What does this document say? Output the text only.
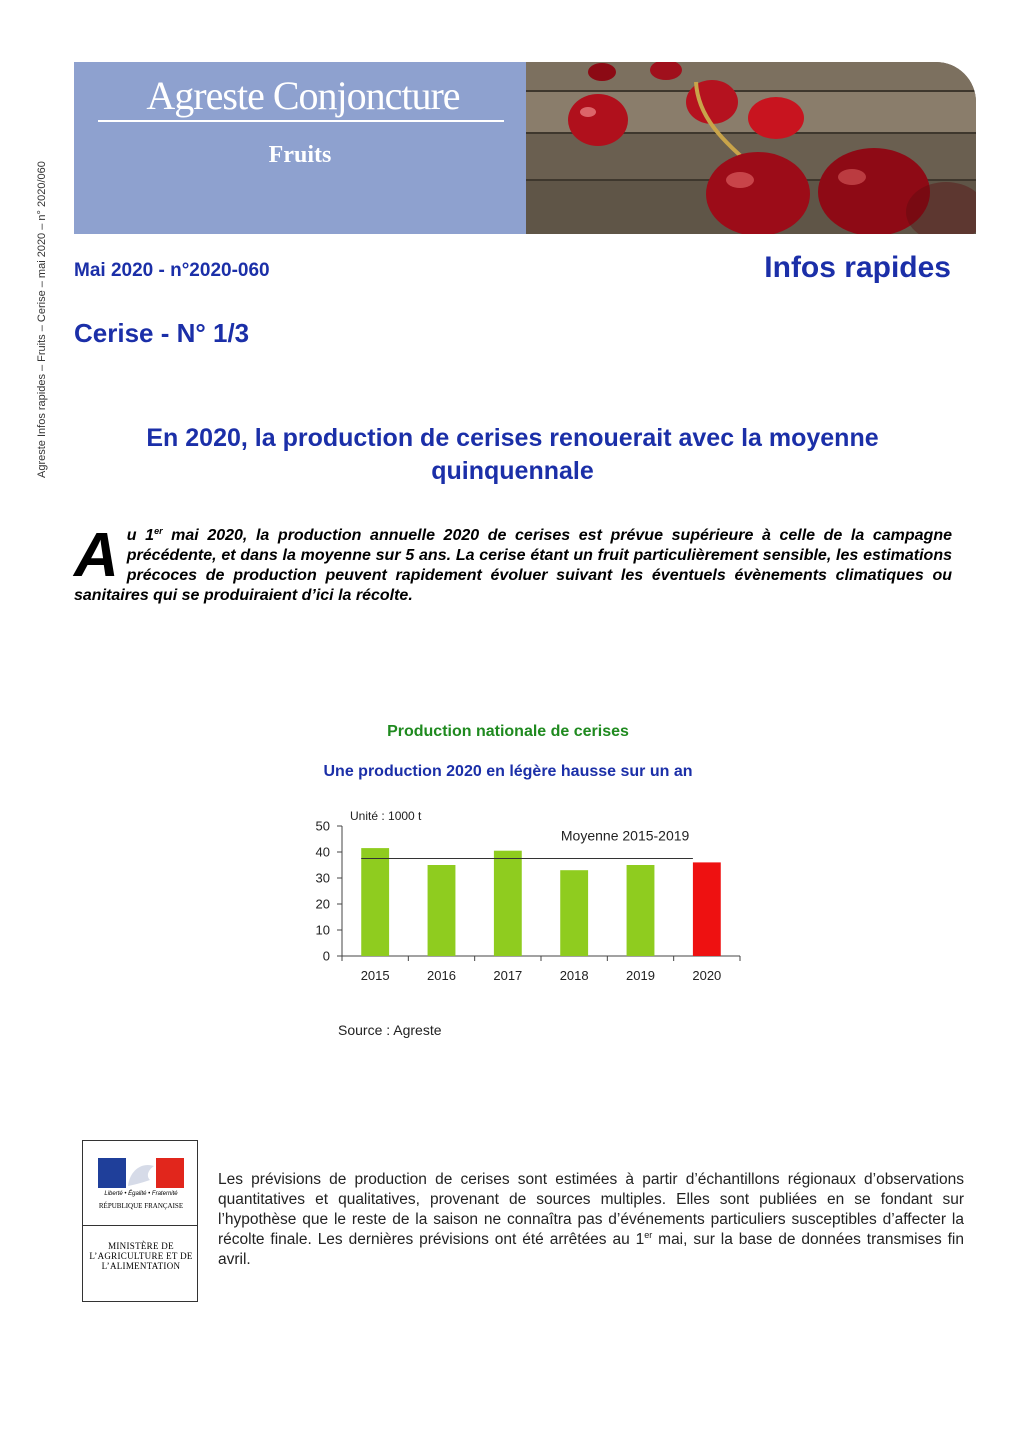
Agreste Infos rapides – Fruits – Cerise – mai 2020 – n° 2020/060
Agreste Conjoncture
Fruits
Mai 2020 - n°2020-060	Infos rapides
Cerise - N° 1/3
En 2020, la production de cerises renouerait avec la moyenne quinquennale
Au 1er mai 2020, la production annuelle 2020 de cerises est prévue supérieure à celle de la campagne précédente, et dans la moyenne sur 5 ans. La cerise étant un fruit particulièrement sensible, les estimations précoces de production peuvent rapidement évoluer suivant les éventuels évènements climatiques ou sanitaires qui se produiraient d’ici la récolte.
Production nationale de cerises
Une production 2020 en légère hausse sur un an
0
10
20
30
40
50
2015	2016	2017	2018	2019	2020
Moyenne 2015-2019
Unité : 1000 t
Source : Agreste
Liberté • Égalité • Fraternité
RÉPUBLIQUE FRANÇAISE
MINISTÈRE DE L’AGRICULTURE ET DE L’ALIMENTATION
Les prévisions de production de cerises sont estimées à partir d’échantillons régionaux d’observations quantitatives et qualitatives, provenant de sources multiples. Elles sont publiées en se fondant sur l’hypothèse que le reste de la saison ne connaîtra pas d’événements particuliers susceptibles d’affecter la récolte finale. Les dernières prévisions ont été arrêtées au 1er mai, sur la base de données transmises fin avril.
